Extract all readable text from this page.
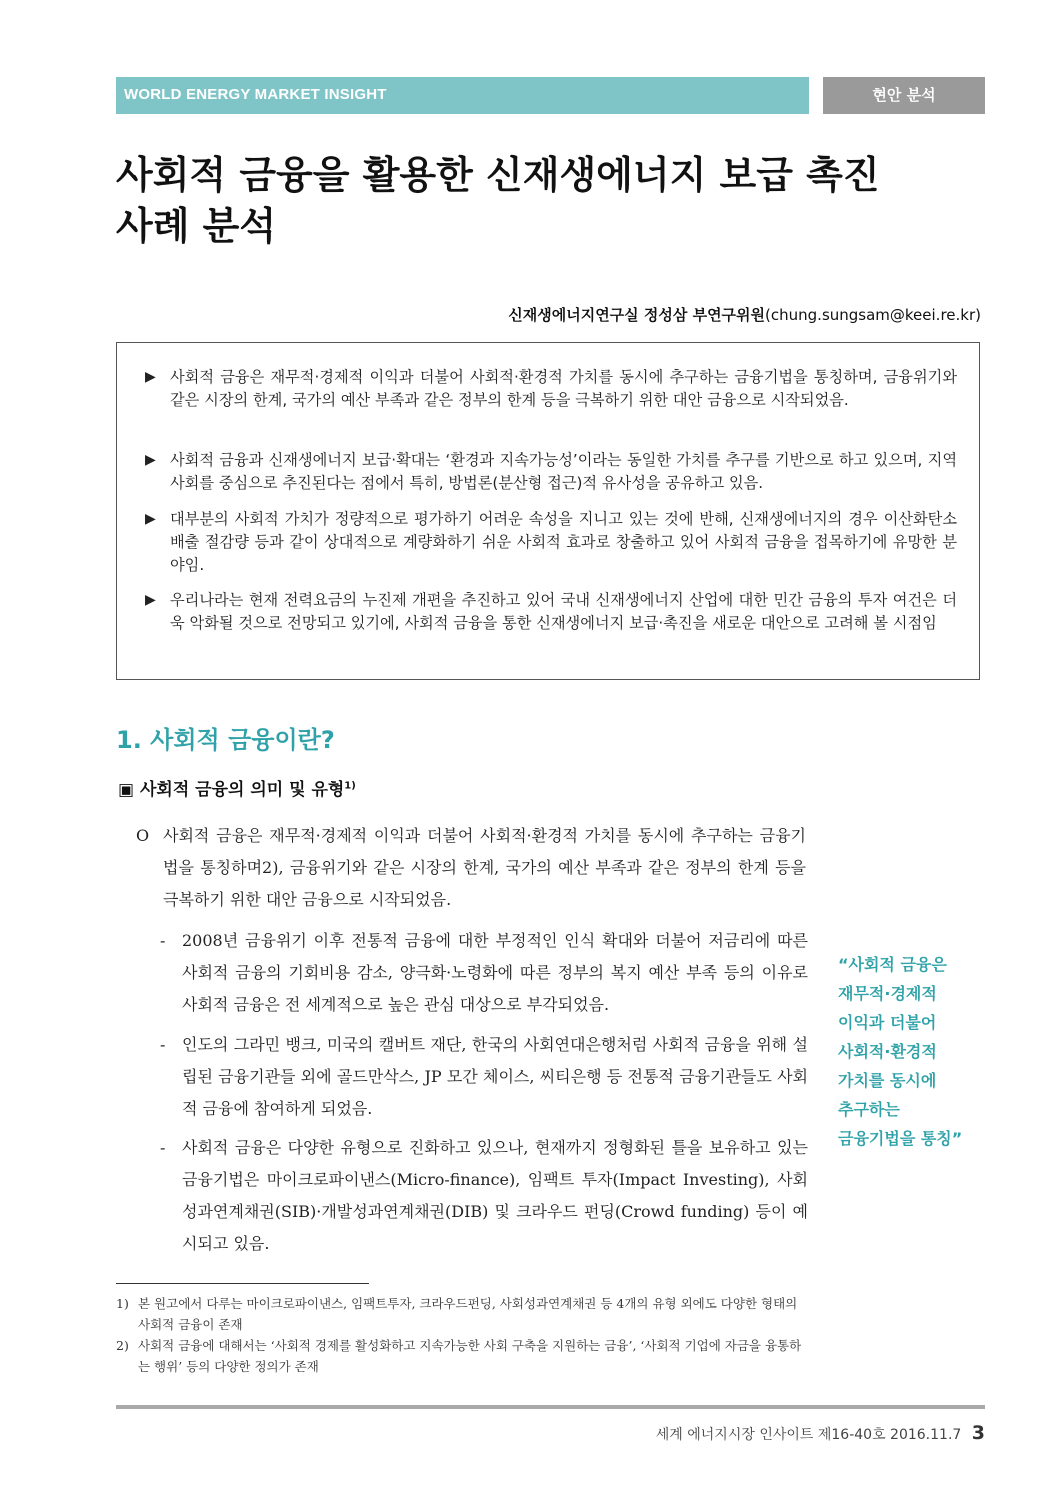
WORLD ENERGY MARKET INSIGHT	현안 분석
사회적 금융을 활용한 신재생에너지 보급 촉진
사례 분석
신재생에너지연구실 정성삼 부연구위원(chung.sungsam@keei.re.kr)
▶ 사회적 금융은 재무적·경제적 이익과 더불어 사회적·환경적 가치를 동시에 추구하는 금융기법을 통칭하며, 금융위기와 같은 시장의 한계, 국가의 예산 부족과 같은 정부의 한계 등을 극복하기 위한 대안 금융으로 시작되었음.
▶ 사회적 금융과 신재생에너지 보급·확대는 ‘환경과 지속가능성’이라는 동일한 가치를 추구를 기반으로 하고 있으며, 지역사회를 중심으로 추진된다는 점에서 특히, 방법론(분산형 접근)적 유사성을 공유하고 있음.
▶ 대부분의 사회적 가치가 정량적으로 평가하기 어려운 속성을 지니고 있는 것에 반해, 신재생에너지의 경우 이산화탄소 배출 절감량 등과 같이 상대적으로 계량화하기 쉬운 사회적 효과로 창출하고 있어 사회적 금융을 접목하기에 유망한 분야임.
▶ 우리나라는 현재 전력요금의 누진제 개편을 추진하고 있어 국내 신재생에너지 산업에 대한 민간 금융의 투자 여건은 더욱 악화될 것으로 전망되고 있기에, 사회적 금융을 통한 신재생에너지 보급·촉진을 새로운 대안으로 고려해 볼 시점임
1. 사회적 금융이란?
▣ 사회적 금융의 의미 및 유형$^{1)}$
O 사회적 금융은 재무적·경제적 이익과 더불어 사회적·환경적 가치를 동시에 추구하는 금융기법을 통칭하며2), 금융위기와 같은 시장의 한계, 국가의 예산 부족과 같은 정부의 한계 등을 극복하기 위한 대안 금융으로 시작되었음.
- 2008년 금융위기 이후 전통적 금융에 대한 부정적인 인식 확대와 더불어 저금리에 따른 사회적 금융의 기회비용 감소, 양극화·노령화에 따른 정부의 복지 예산 부족 등의 이유로 사회적 금융은 전 세계적으로 높은 관심 대상으로 부각되었음.
- 인도의 그라민 뱅크, 미국의 캘버트 재단, 한국의 사회연대은행처럼 사회적 금융을 위해 설립된 금융기관들 외에 골드만삭스, JP 모간 체이스, 씨티은행 등 전통적 금융기관들도 사회적 금융에 참여하게 되었음.
- 사회적 금융은 다양한 유형으로 진화하고 있으나, 현재까지 정형화된 틀을 보유하고 있는 금융기법은 마이크로파이낸스(Micro-finance), 임팩트 투자(Impact Investing), 사회성과연계채권(SIB)·개발성과연계채권(DIB) 및 크라우드 펀딩(Crowd funding) 등이 예시되고 있음.
“사회적 금융은
재무적·경제적
이익과 더불어
사회적·환경적
가치를 동시에
추구하는
금융기법을 통칭”
1) 본 원고에서 다루는 마이크로파이낸스, 임팩트투자, 크라우드펀딩, 사회성과연계채권 등 4개의 유형 외에도 다양한 형태의 사회적 금융이 존재
2) 사회적 금융에 대해서는 ‘사회적 경제를 활성화하고 지속가능한 사회 구축을 지원하는 금융’, ‘사회적 기업에 자금을 융통하는 행위’ 등의 다양한 정의가 존재
세계 에너지시장 인사이트 제16-40호 2016.11.7 3
